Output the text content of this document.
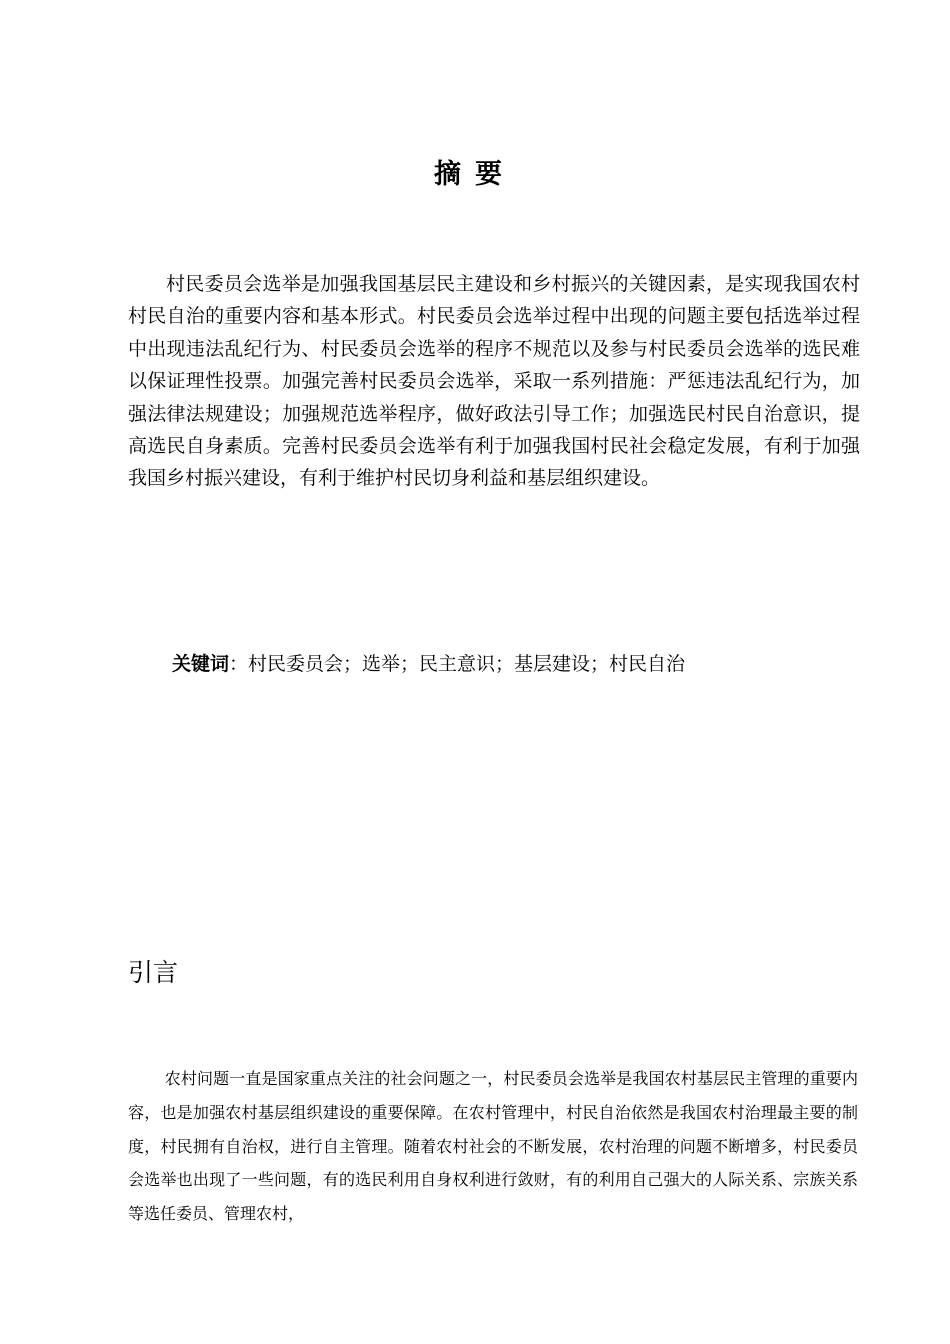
摘要

村民委员会选举是加强我国基层民主建设和乡村振兴的关键因素，是实现我国农村村民自治的重要内容和基本形式。村民委员会选举过程中出现的问题主要包括选举过程中出现违法乱纪行为、村民委员会选举的程序不规范以及参与村民委员会选举的选民难以保证理性投票。加强完善村民委员会选举，采取一系列措施：严惩违法乱纪行为，加强法律法规建设；加强规范选举程序，做好政法引导工作；加强选民村民自治意识，提高选民自身素质。完善村民委员会选举有利于加强我国村民社会稳定发展，有利于加强我国乡村振兴建设，有利于维护村民切身利益和基层组织建设。

关键词：村民委员会；选举；民主意识；基层建设；村民自治

引言

农村问题一直是国家重点关注的社会问题之一，村民委员会选举是我国农村基层民主管理的重要内容，也是加强农村基层组织建设的重要保障。在农村管理中，村民自治依然是我国农村治理最主要的制度，村民拥有自治权，进行自主管理。随着农村社会的不断发展，农村治理的问题不断增多，村民委员会选举也出现了一些问题，有的选民利用自身权利进行敛财，有的利用自己强大的人际关系、宗族关系等选任委员、管理农村，
